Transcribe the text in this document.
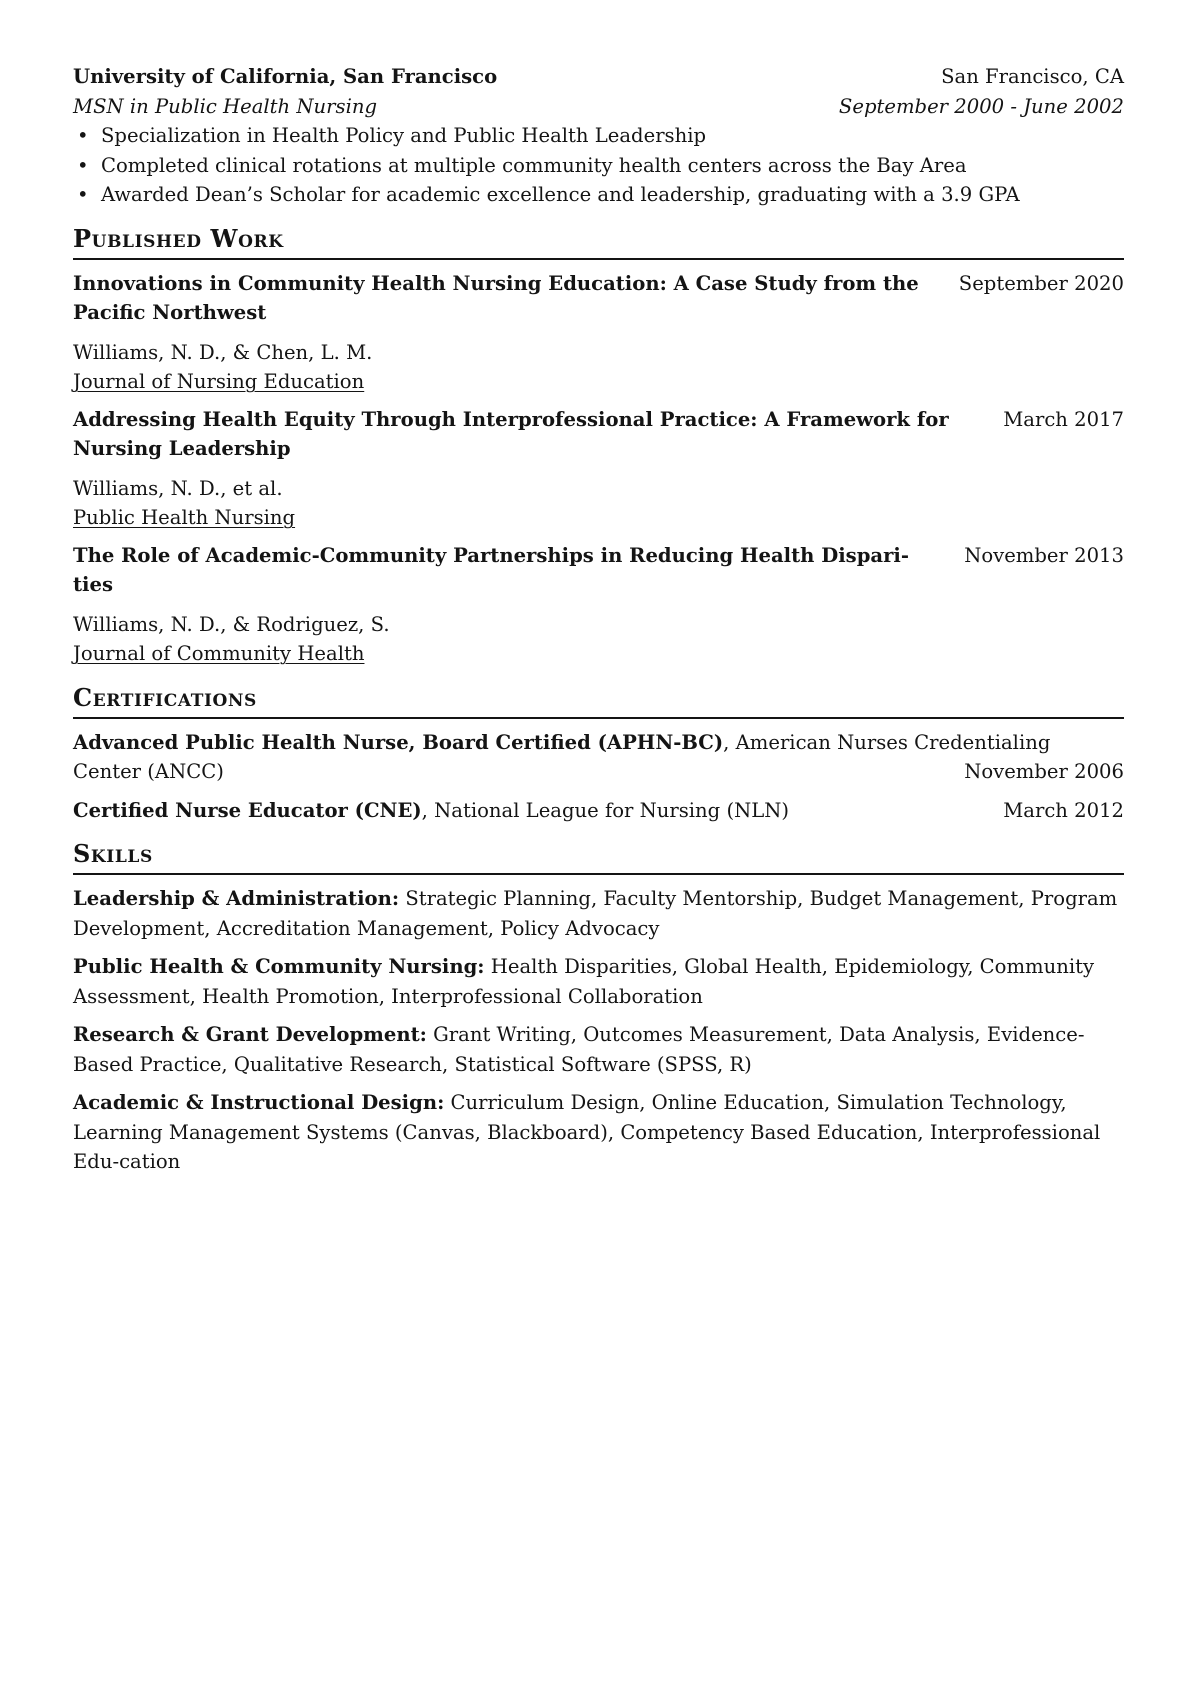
University of California, San Francisco	San Francisco, CA
MSN in Public Health Nursing	September 2000 - June 2002
• Specialization in Health Policy and Public Health Leadership
• Completed clinical rotations at multiple community health centers across the Bay Area
• Awarded Dean’s Scholar for academic excellence and leadership, graduating with a 3.9 GPA
Published Work
Innovations in Community Health Nursing Education: A Case Study from the Pacific Northwest
September 2020
Williams, N. D., & Chen, L. M.
Journal of Nursing Education
Addressing Health Equity Through Interprofessional Practice: A Framework for Nursing Leadership
March 2017
Williams, N. D., et al.
Public Health Nursing
The Role of Academic-Community Partnerships in Reducing Health Dispari-ties
November 2013
Williams, N. D., & Rodriguez, S.
Journal of Community Health
Certifications
Advanced Public Health Nurse, Board Certified (APHN-BC), American Nurses Credentialing
Center (ANCC)	November 2006
Certified Nurse Educator (CNE), National League for Nursing (NLN)	March 2012
Skills
Leadership & Administration: Strategic Planning, Faculty Mentorship, Budget Management, Program Development, Accreditation Management, Policy Advocacy
Public Health & Community Nursing: Health Disparities, Global Health, Epidemiology, Community Assessment, Health Promotion, Interprofessional Collaboration
Research & Grant Development: Grant Writing, Outcomes Measurement, Data Analysis, Evidence-Based Practice, Qualitative Research, Statistical Software (SPSS, R)
Academic & Instructional Design: Curriculum Design, Online Education, Simulation Technology, Learning Management Systems (Canvas, Blackboard), Competency Based Education, Interprofessional Edu-cation
